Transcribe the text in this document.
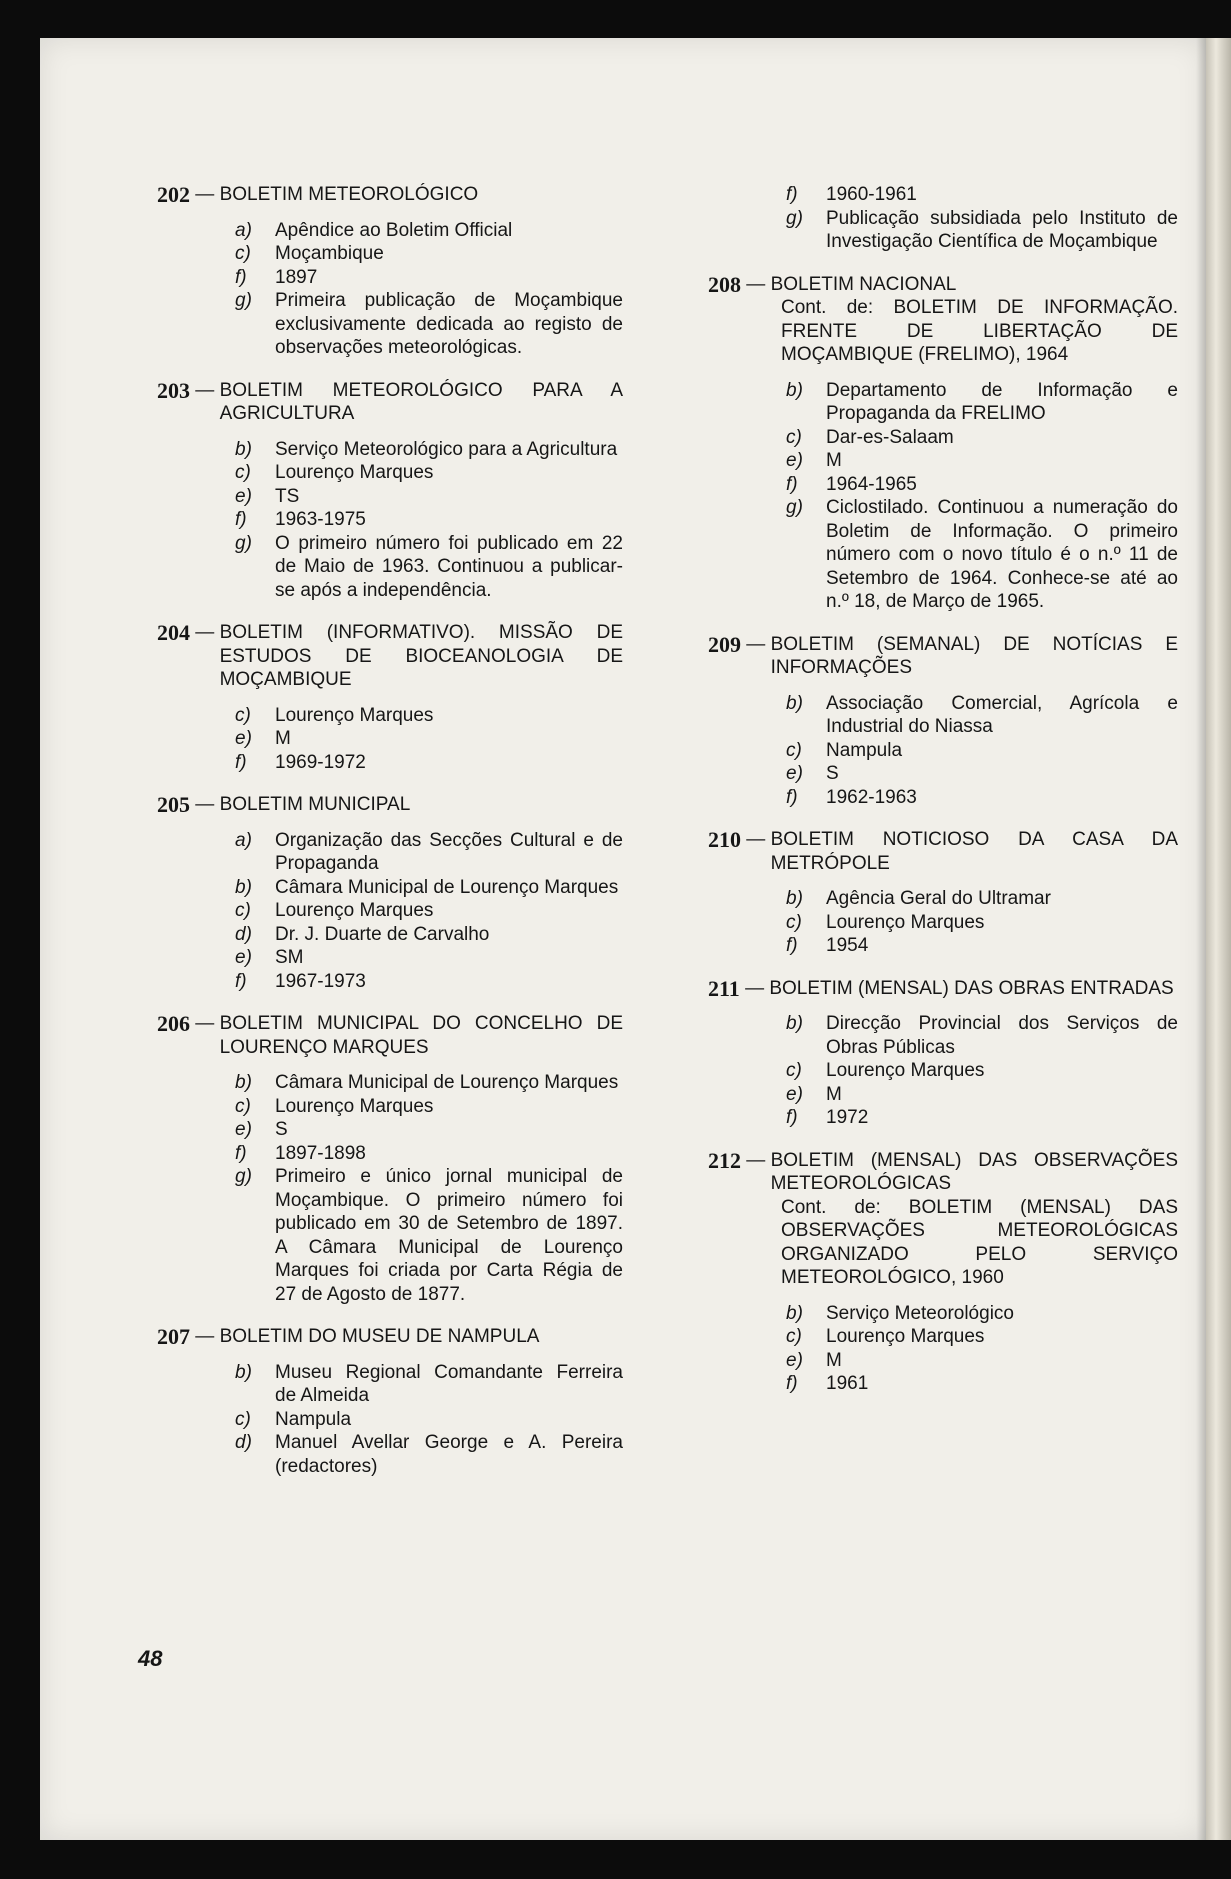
202 — BOLETIM METEOROLÓGICO
a)	Apêndice ao Boletim Official
c)	Moçambique
f)	1897
g)	Primeira publicação de Moçambique exclusivamente dedicada ao registo de observações meteorológicas.
203 — BOLETIM METEOROLÓGICO PARA A AGRICULTURA
b)	Serviço Meteorológico para a Agricultura
c)	Lourenço Marques
e)	TS
f)	1963-1975
g)	O primeiro número foi publicado em 22 de Maio de 1963. Continuou a publicar-se após a independência.
204 — BOLETIM (INFORMATIVO). MISSÃO DE ESTUDOS DE BIOCEANOLOGIA DE MOÇAMBIQUE
c)	Lourenço Marques
e)	M
f)	1969-1972
205 — BOLETIM MUNICIPAL
a)	Organização das Secções Cultural e de Propaganda
b)	Câmara Municipal de Lourenço Marques
c)	Lourenço Marques
d)	Dr. J. Duarte de Carvalho
e)	SM
f)	1967-1973
206 — BOLETIM MUNICIPAL DO CONCELHO DE LOURENÇO MARQUES
b)	Câmara Municipal de Lourenço Marques
c)	Lourenço Marques
e)	S
f)	1897-1898
g)	Primeiro e único jornal municipal de Moçambique. O primeiro número foi publicado em 30 de Setembro de 1897. A Câmara Municipal de Lourenço Marques foi criada por Carta Régia de 27 de Agosto de 1877.
207 — BOLETIM DO MUSEU DE NAMPULA
b)	Museu Regional Comandante Ferreira de Almeida
c)	Nampula
d)	Manuel Avellar George e A. Pereira (redactores)
f)	1960-1961
g)	Publicação subsidiada pelo Instituto de Investigação Científica de Moçambique
208 — BOLETIM NACIONAL
Cont. de: BOLETIM DE INFORMAÇÃO. FRENTE DE LIBERTAÇÃO DE MOÇAMBIQUE (FRELIMO), 1964
b)	Departamento de Informação e Propaganda da FRELIMO
c)	Dar-es-Salaam
e)	M
f)	1964-1965
g)	Ciclostilado. Continuou a numeração do Boletim de Informação. O primeiro número com o novo título é o n.º 11 de Setembro de 1964. Conhece-se até ao n.º 18, de Março de 1965.
209 — BOLETIM (SEMANAL) DE NOTÍCIAS E INFORMAÇÕES
b)	Associação Comercial, Agrícola e Industrial do Niassa
c)	Nampula
e)	S
f)	1962-1963
210 — BOLETIM NOTICIOSO DA CASA DA METRÓPOLE
b)	Agência Geral do Ultramar
c)	Lourenço Marques
f)	1954
211 — BOLETIM (MENSAL) DAS OBRAS ENTRADAS
b)	Direcção Provincial dos Serviços de Obras Públicas
c)	Lourenço Marques
e)	M
f)	1972
212 — BOLETIM (MENSAL) DAS OBSERVAÇÕES METEOROLÓGICAS
Cont. de: BOLETIM (MENSAL) DAS OBSERVAÇÕES METEOROLÓGICAS ORGANIZADO PELO SERVIÇO METEOROLÓGICO, 1960
b)	Serviço Meteorológico
c)	Lourenço Marques
e)	M
f)	1961
48
